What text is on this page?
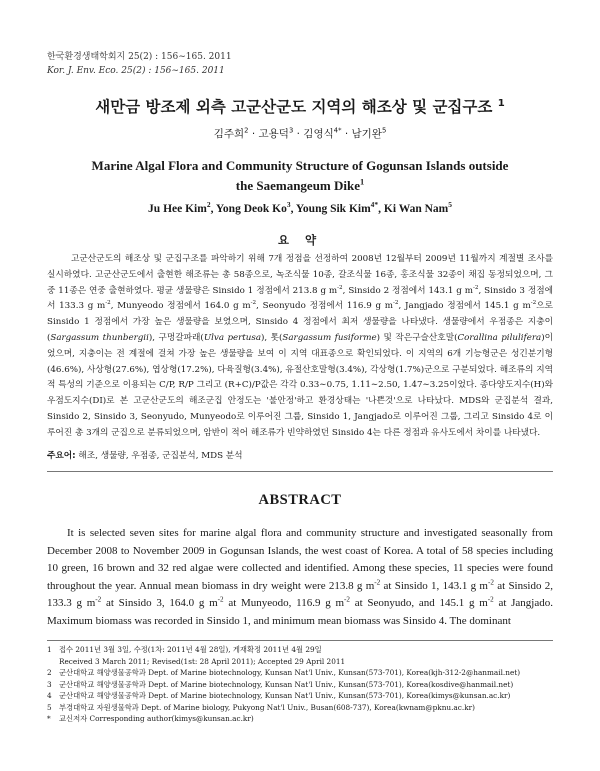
한국환경생태학회지 25(2) : 156∼165. 2011
Kor. J. Env. Eco. 25(2) : 156∼165. 2011
새만금 방조제 외측 고군산군도 지역의 해조상 및 군집구조 $^1$
김주희$^2$ · 고용덕$^3$ · 김영식$^{4*}$ · 남기완$^5$
Marine Algal Flora and Community Structure of Gogunsan Islands outside
the Saemangeum Dike$^1$
Ju Hee Kim$^2$, Yong Deok Ko$^3$, Young Sik Kim$^{4*}$, Ki Wan Nam$^5$
요 약
고군산군도의 해조상 및 군집구조를 파악하기 위해 7개 정점을 선정하여 2008년 12월부터 2009년 11월까지 계절별 조사를 실시하였다. 고군산군도에서 출현한 해조류는 총 58종으로, 녹조식물 10종, 갈조식물 16종, 홍조식물 32종이 채집 동정되었으며, 그 중 11종은 연중 출현하였다. 평균 생물량은 Sinsido 1 정점에서 213.8 g $m^{-2}$, Sinsido 2 정점에서 143.1 g $m^{-2}$, Sinsido 3 정점에서 133.3 g $m^{-2}$, Munyeodo 정점에서 164.0 g $m^{-2}$, Seonyudo 정점에서 116.9 g $m^{-2}$, Jangjado 정점에서 145.1 g $m^{-2}$으로 Sinsido 1 정점에서 가장 높은 생물량을 보였으며, Sinsido 4 정점에서 최저 생물량을 나타냈다. 생물량에서 우점종은 지충이(Sargassum thunbergii), 구멍갈파래(Ulva pertusa), 톳(Sargassum fusiforme) 및 작은구슬산호말(Corallina pilulifera)이었으며, 지충이는 전 계절에 걸쳐 가장 높은 생물량을 보여 이 지역 대표종으로 확인되었다. 이 지역의 6개 기능형군은 성긴분기형(46.6%), 사상형(27.6%), 엽상형(17.2%), 다육질형(3.4%), 유절산호말형(3.4%), 각상형(1.7%)군으로 구분되었다. 해조류의 지역적 특성의 기준으로 이용되는 C/P, R/P 그리고 (R+C)/P값은 각각 0.33∼0.75, 1.11∼2.50, 1.47∼3.25이었다. 종다양도지수(H)와 우점도지수(DI)로 본 고군산군도의 해조군집 안정도는 '불안정'하고 환경상태는 '나쁜것'으로 나타났다. MDS와 군집분석 결과, Sinsido 2, Sinsido 3, Seonyudo, Munyeodo로 이루어진 그룹, Sinsido 1, Jangjado로 이루어진 그룹, 그리고 Sinsido 4로 이루어진 총 3개의 군집으로 분류되었으며, 암반이 적어 해조류가 빈약하였던 Sinsido 4는 다른 정점과 유사도에서 차이를 나타냈다.
주요어: 해조, 생물량, 우점종, 군집분석, MDS 분석
ABSTRACT
It is selected seven sites for marine algal flora and community structure and investigated seasonally from December 2008 to November 2009 in Gogunsan Islands, the west coast of Korea. A total of 58 species including 10 green, 16 brown and 32 red algae were collected and identified. Among these species, 11 species were found throughout the year. Annual mean biomass in dry weight were 213.8 g $m^{-2}$ at Sinsido 1, 143.1 g $m^{-2}$ at Sinsido 2, 133.3 g $m^{-2}$ at Sinsido 3, 164.0 g $m^{-2}$ at Munyeodo, 116.9 g $m^{-2}$ at Seonyudo, and 145.1 g $m^{-2}$ at Jangjado. Maximum biomass was recorded in Sinsido 1, and minimum mean biomass was Sinsido 4. The dominant
1 접수 2011년 3월 3일, 수정(1차: 2011년 4월 28일), 게재확정 2011년 4월 29일
Received 3 March 2011; Revised(1st: 28 April 2011); Accepted 29 April 2011
2 군산대학교 해양생물공학과 Dept. of Marine biotechnology, Kunsan Nat'l Univ., Kunsan(573-701), Korea(kjh-312-2@hanmail.net)
3 군산대학교 해양생물공학과 Dept. of Marine biotechnology, Kunsan Nat'l Univ., Kunsan(573-701), Korea(kosdive@hanmail.net)
4 군산대학교 해양생물공학과 Dept. of Marine biotechnology, Kunsan Nat'l Univ., Kunsan(573-701), Korea(kimys@kunsan.ac.kr)
5 부경대학교 자원생물학과 Dept. of Marine biology, Pukyong Nat'l Univ., Busan(608-737), Korea(kwnam@pknu.ac.kr)
* 교신저자 Corresponding author(kimys@kunsan.ac.kr)
